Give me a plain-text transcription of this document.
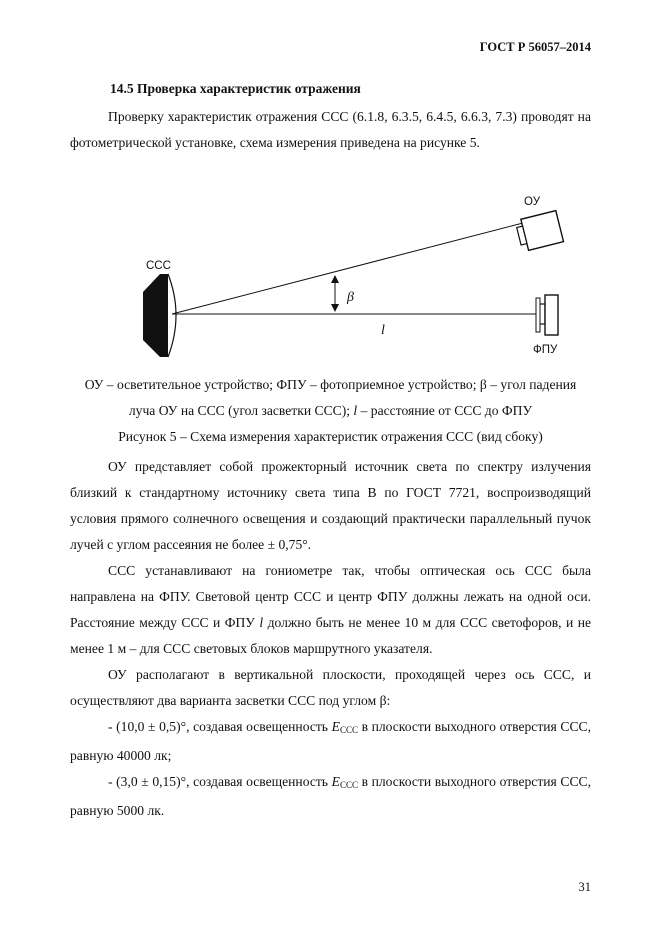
ГОСТ Р 56057–2014
14.5 Проверка характеристик отражения
Проверку характеристик отражения ССС (6.1.8, 6.3.5, 6.4.5, 6.6.3, 7.3) проводят на фотометрической установке, схема измерения приведена на рисунке 5.
ССС
ОУ
ФПУ
β
l
ОУ – осветительное устройство; ФПУ – фотоприемное устройство; β – угол падения луча ОУ на ССС (угол засветки ССС); l – расстояние от ССС до ФПУ
Рисунок 5 – Схема измерения характеристик отражения ССС (вид сбоку)

ОУ представляет собой прожекторный источник света по спектру излучения близкий к стандартному источнику света типа В по ГОСТ 7721, воспроизводящий условия прямого солнечного освещения и создающий практически параллельный пучок лучей с углом рассеяния не более ± 0,75°.

ССС устанавливают на гониометре так, чтобы оптическая ось ССС была направлена на ФПУ. Световой центр ССС и центр ФПУ должны лежать на одной оси. Расстояние между ССС и ФПУ l должно быть не менее 10 м для ССС светофоров, и не менее 1 м – для ССС световых блоков маршрутного указателя.

ОУ располагают в вертикальной плоскости, проходящей через ось ССС, и осуществляют два варианта засветки ССС под углом β:

- (10,0 ± 0,5)°, создавая освещенность $E_{ССС}$ в плоскости выходного отверстия ССС, равную 40000 лк;

- (3,0 ± 0,15)°, создавая освещенность $E_{ССС}$ в плоскости выходного отверстия ССС, равную 5000 лк.

31
